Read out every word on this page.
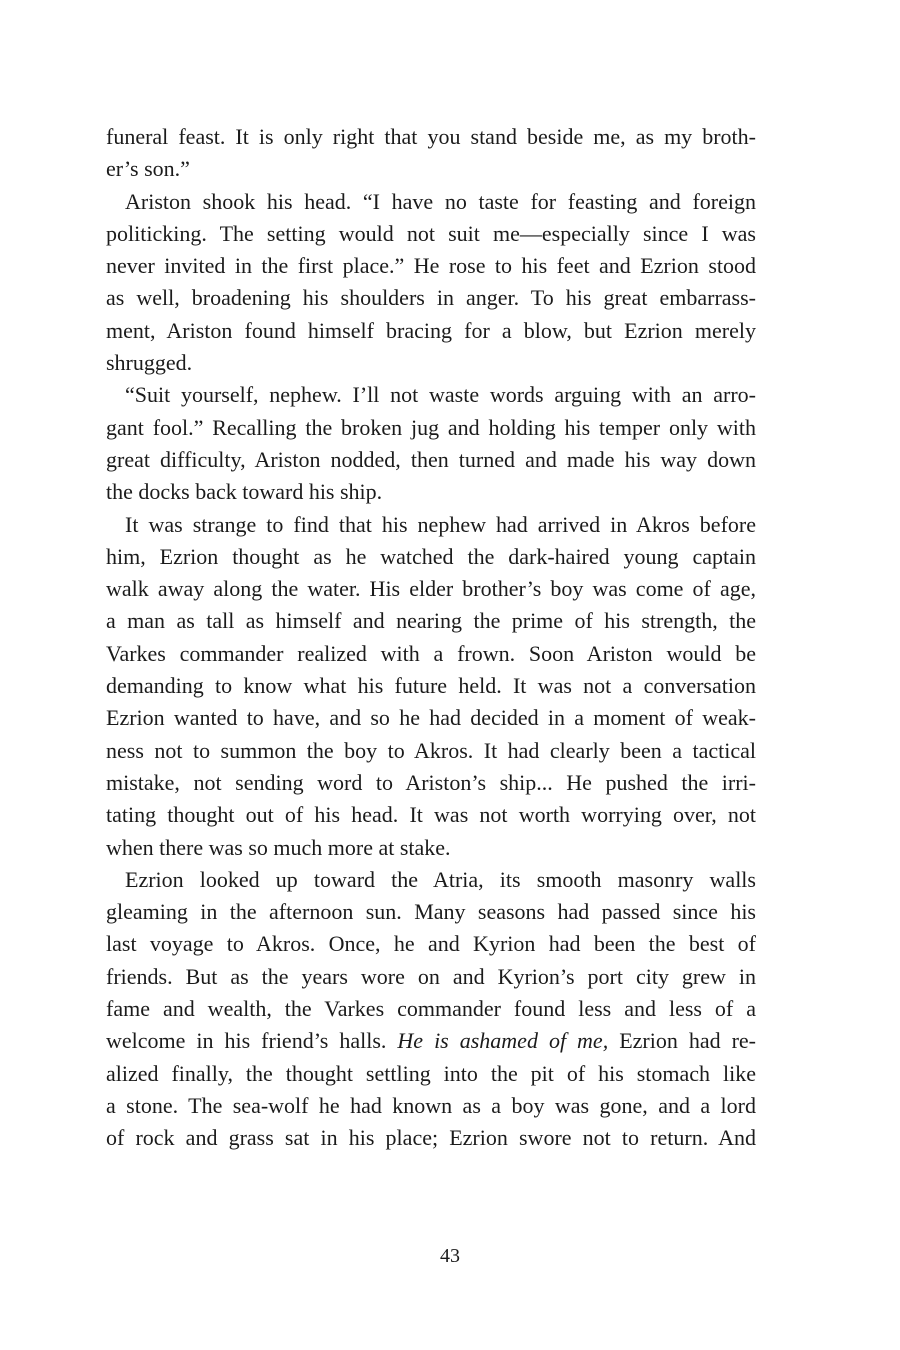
funeral feast. It is only right that you stand beside me, as my broth-
er’s son.”
Ariston shook his head. “I have no taste for feasting and foreign
politicking. The setting would not suit me—especially since I was
never invited in the first place.” He rose to his feet and Ezrion stood
as well, broadening his shoulders in anger. To his great embarrass-
ment, Ariston found himself bracing for a blow, but Ezrion merely
shrugged.
“Suit yourself, nephew. I’ll not waste words arguing with an arro-
gant fool.” Recalling the broken jug and holding his temper only with
great difficulty, Ariston nodded, then turned and made his way down
the docks back toward his ship.
It was strange to find that his nephew had arrived in Akros before
him, Ezrion thought as he watched the dark-haired young captain
walk away along the water. His elder brother’s boy was come of age,
a man as tall as himself and nearing the prime of his strength, the
Varkes commander realized with a frown. Soon Ariston would be
demanding to know what his future held. It was not a conversation
Ezrion wanted to have, and so he had decided in a moment of weak-
ness not to summon the boy to Akros. It had clearly been a tactical
mistake, not sending word to Ariston’s ship... He pushed the irri-
tating thought out of his head. It was not worth worrying over, not
when there was so much more at stake.
Ezrion looked up toward the Atria, its smooth masonry walls
gleaming in the afternoon sun. Many seasons had passed since his
last voyage to Akros. Once, he and Kyrion had been the best of
friends. But as the years wore on and Kyrion’s port city grew in
fame and wealth, the Varkes commander found less and less of a
welcome in his friend’s halls. He is ashamed of me, Ezrion had re-
alized finally, the thought settling into the pit of his stomach like
a stone. The sea-wolf he had known as a boy was gone, and a lord
of rock and grass sat in his place; Ezrion swore not to return. And
43
